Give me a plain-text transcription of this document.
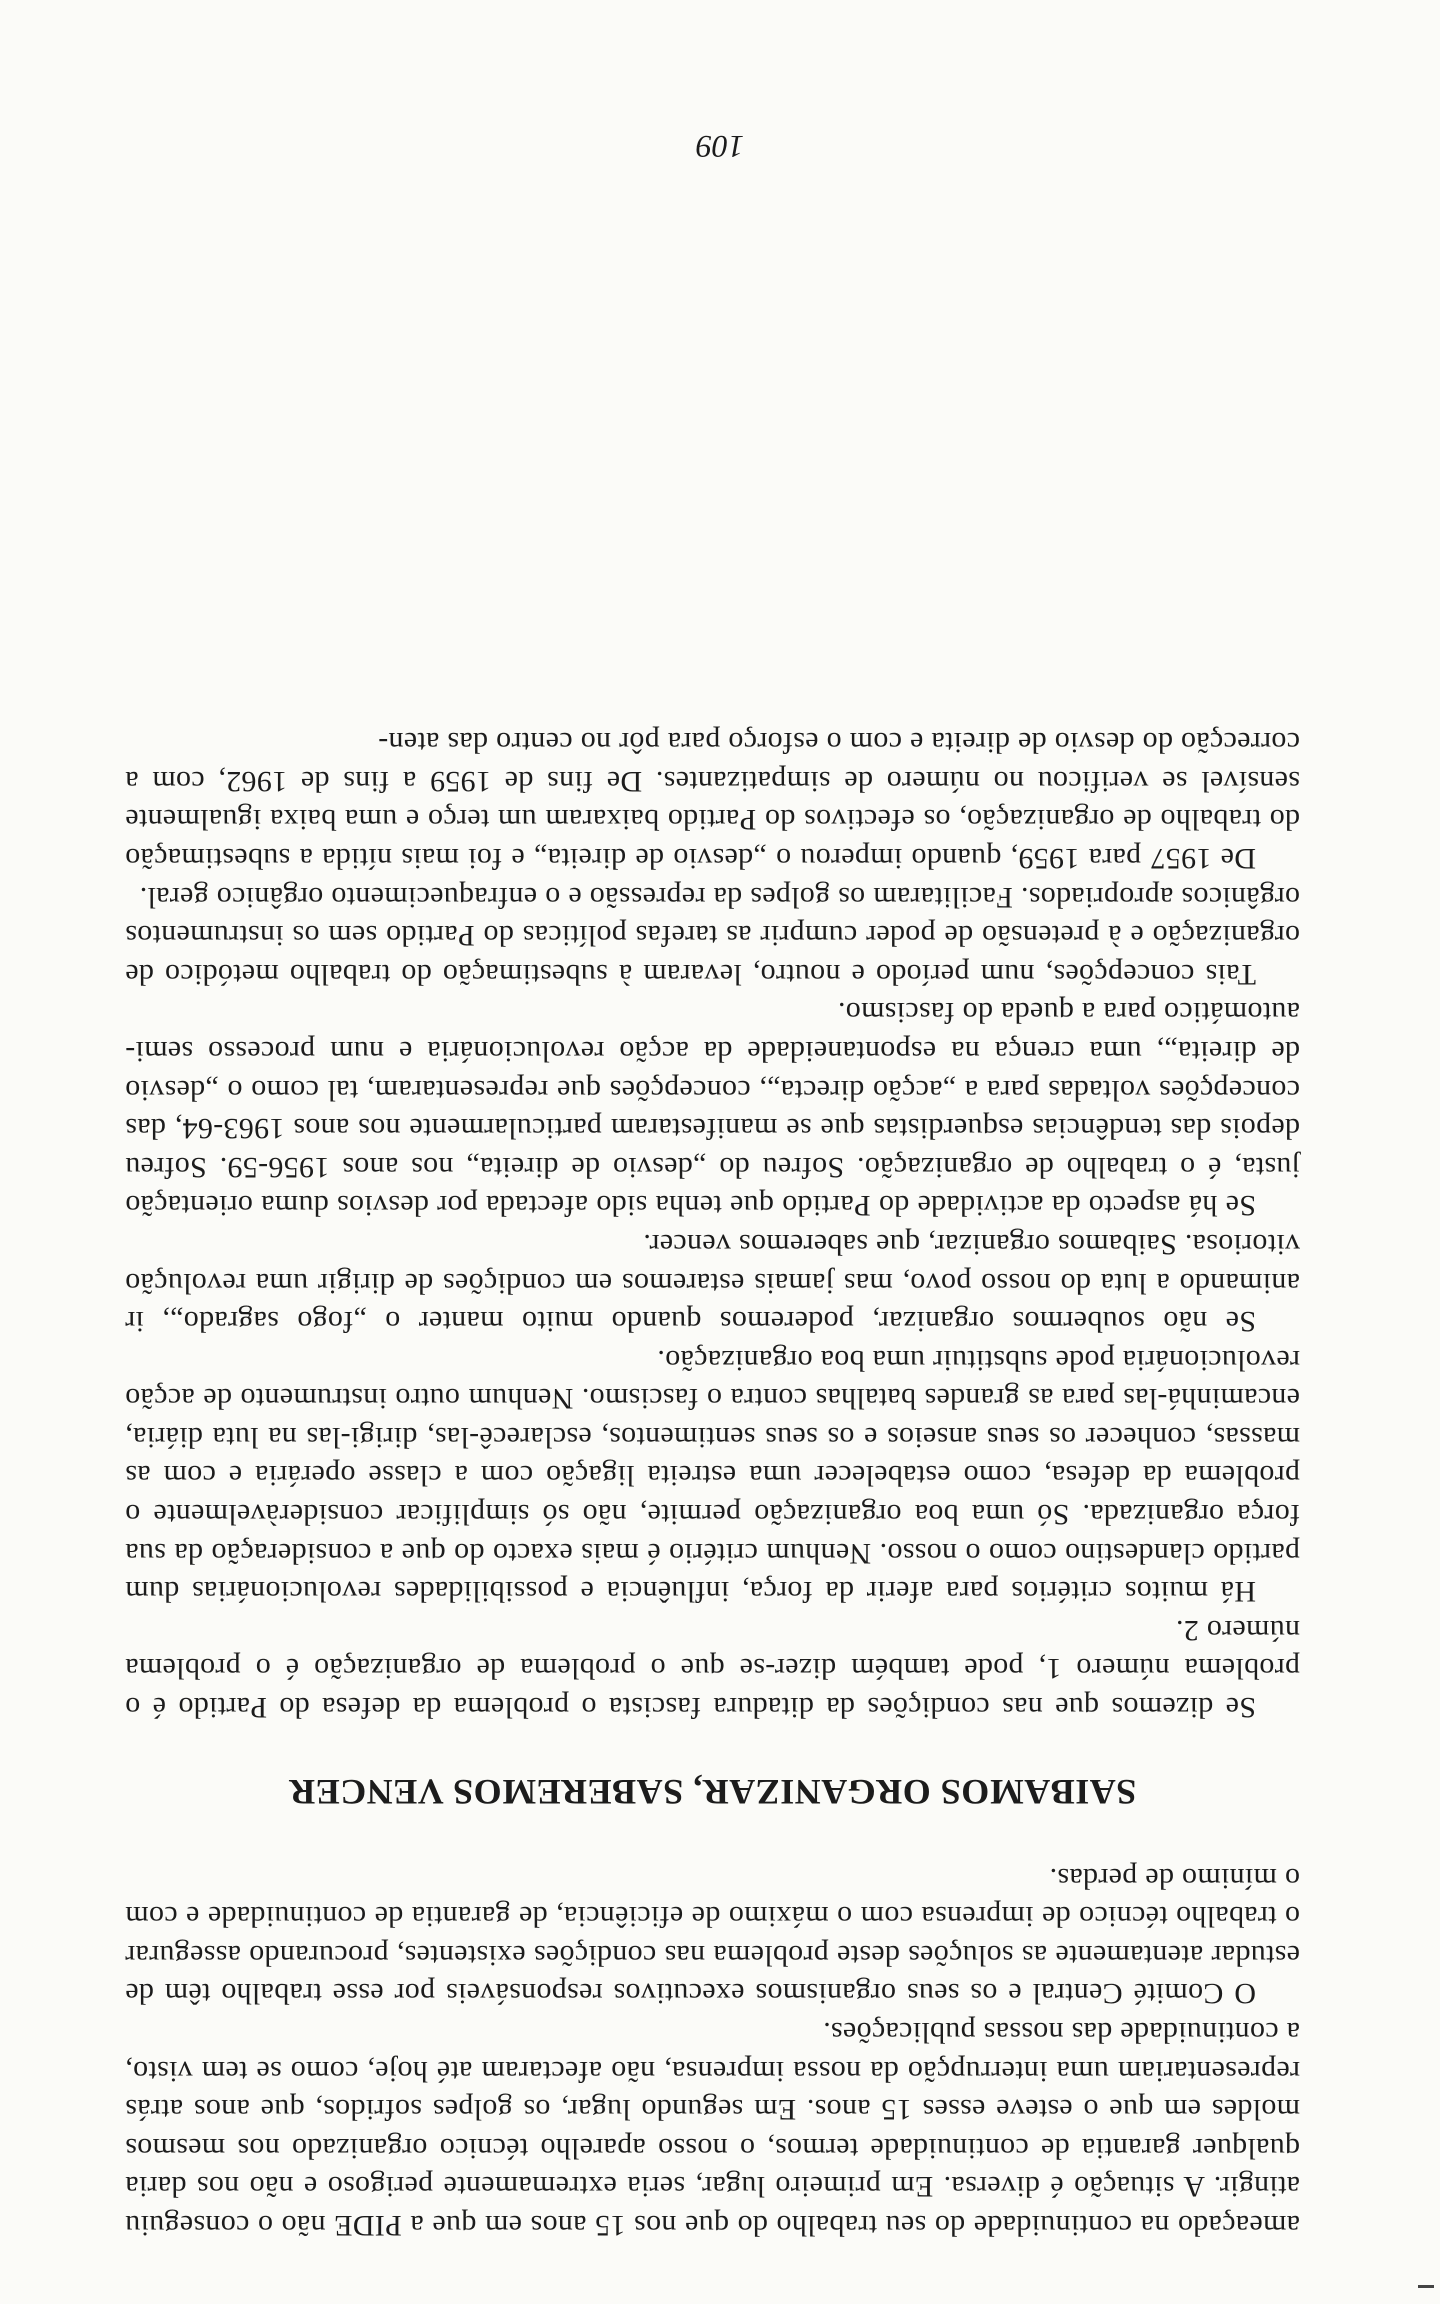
ameaçado na continuidade do seu trabalho do que nos 15 anos em que a PIDE não o conseguiu atingir. A situação é diversa. Em primeiro lugar, seria extremamente perigoso e não nos daria qualquer garantia de continuidade termos, o nosso aparelho técnico organizado nos mesmos moldes em que o esteve esses 15 anos. Em segundo lugar, os golpes sofridos, que anos atrás representariam uma interrupção da nossa imprensa, não afectaram até hoje, como se tem visto, a continuidade das nossas publicações.

O Comité Central e os seus organismos executivos responsáveis por esse trabalho têm de estudar atentamente as soluções deste problema nas condições existentes, procurando assegurar o trabalho técnico de imprensa com o máximo de eficiência, de garantia de continuidade e com o mínimo de perdas.

SAIBAMOS ORGANIZAR, SABEREMOS VENCER

Se dizemos que nas condições da ditadura fascista o problema da defesa do Partido é o problema número 1, pode também dizer-se que o problema de organização é o problema número 2.

Há muitos critérios para aferir da força, influência e possibilidades revolucionárias dum partido clandestino como o nosso. Nenhum critério é mais exacto do que a consideração da sua força organizada. Só uma boa organização permite, não só simplificar consideràvelmente o problema da defesa, como estabelecer uma estreita ligação com a classe operária e com as massas, conhecer os seus anseios e os seus sentimentos, esclarecê-las, dirigi-las na luta diária, encaminhá-las para as grandes batalhas contra o fascismo. Nenhum outro instrumento de acção revolucionária pode substituir uma boa organização.

Se não soubermos organizar, poderemos quando muito manter o „fogo sagrado„, ir animando a luta do nosso povo, mas jamais estaremos em condições de dirigir uma revolução vitoriosa. Saibamos organizar, que saberemos vencer.

Se há aspecto da actividade do Partido que tenha sido afectada por desvios duma orientação justa, é o trabalho de organização. Sofreu do „desvio de direita„ nos anos 1956-59. Sofreu depois das tendências esquerdistas que se manifestaram particularmente nos anos 1963-64, das concepções voltadas para a „acção directa„, concepções que representaram, tal como o „desvio de direita„, uma crença na espontaneidade da acção revolucionária e num processo semi-automático para a queda do fascismo.

Tais concepções, num período e noutro, levaram à subestimação do trabalho metódico de organização e à pretensão de poder cumprir as tarefas políticas do Partido sem os instrumentos orgânicos apropriados. Facilitaram os golpes da repressão e o enfraquecimento orgânico geral.

De 1957 para 1959, quando imperou o „desvio de direita„ e foi mais nítida a subestimação do trabalho de organização, os efectivos do Partido baixaram um terço e uma baixa igualmente sensível se verificou no número de simpatizantes. De fins de 1959 a fins de 1962, com a correcção do desvio de direita e com o esforço para pôr no centro das aten-

109
